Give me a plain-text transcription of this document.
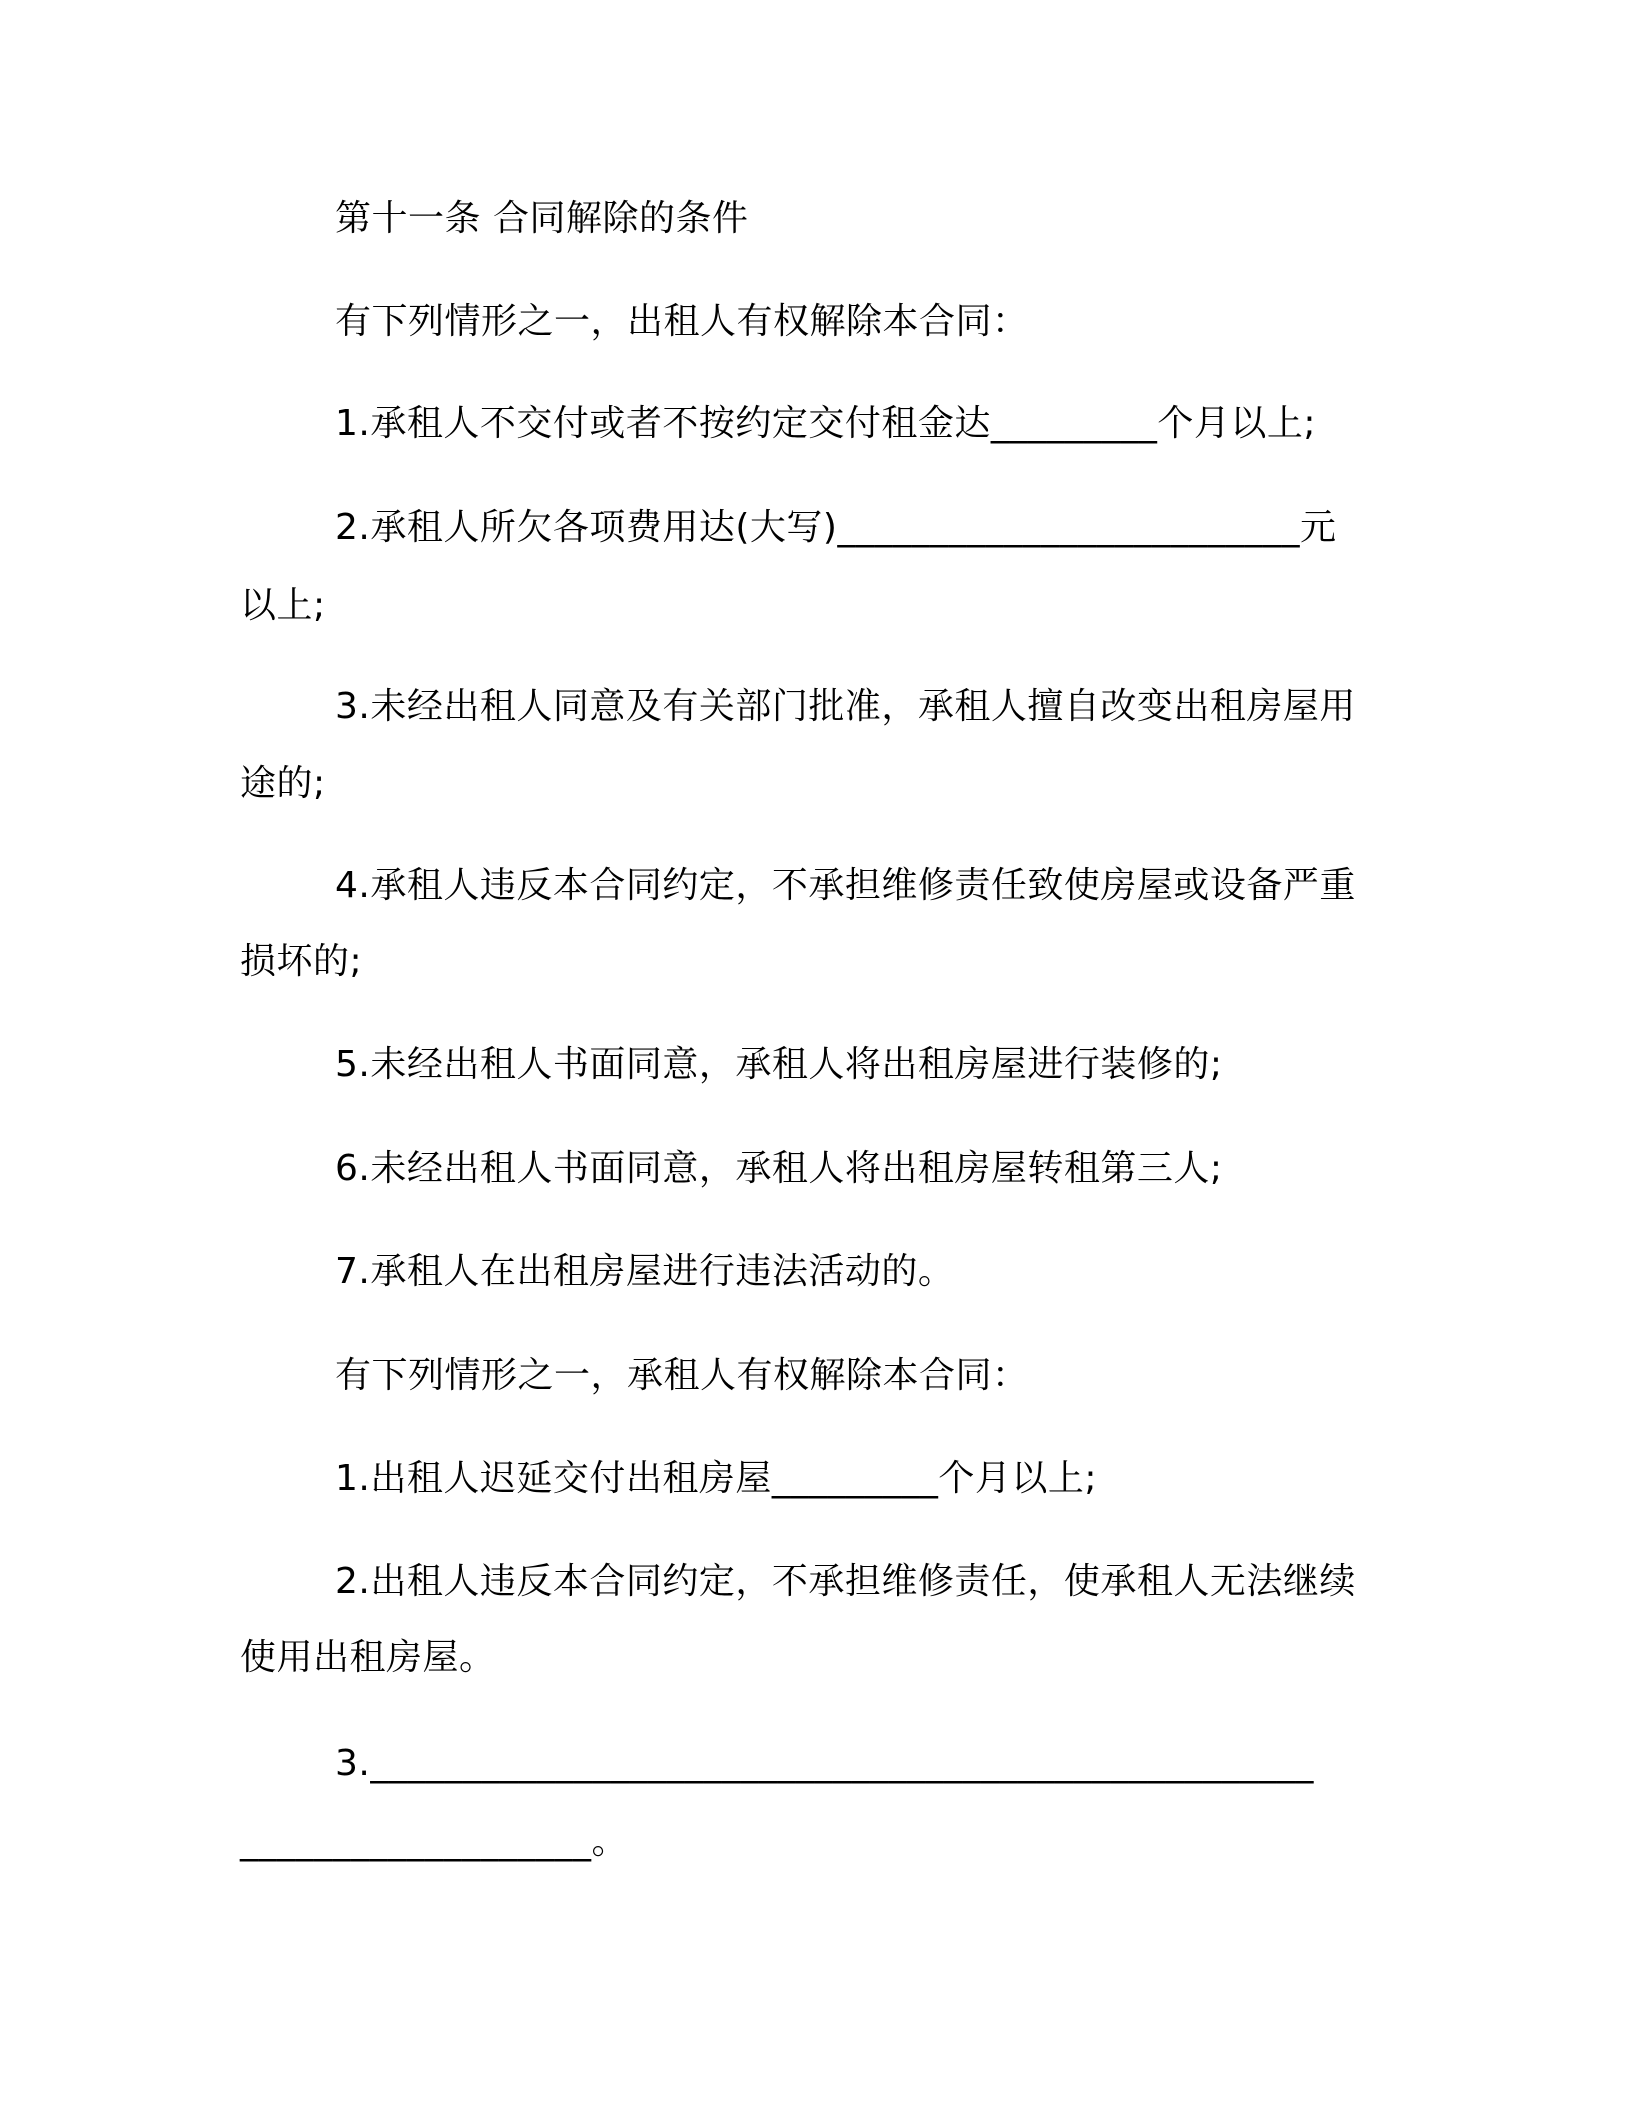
第十一条 合同解除的条件
有下列情形之一，出租人有权解除本合同：
1.承租人不交付或者不按约定交付租金达_________个月以上;
2.承租人所欠各项费用达(大写)_________________________元
以上;
3.未经出租人同意及有关部门批准，承租人擅自改变出租房屋用
途的;
4.承租人违反本合同约定，不承担维修责任致使房屋或设备严重
损坏的;
5.未经出租人书面同意，承租人将出租房屋进行装修的;
6.未经出租人书面同意，承租人将出租房屋转租第三人;
7.承租人在出租房屋进行违法活动的。
有下列情形之一，承租人有权解除本合同：
1.出租人迟延交付出租房屋_________个月以上;
2.出租人违反本合同约定，不承担维修责任，使承租人无法继续
使用出租房屋。
3.___________________________________________________
___________________。
